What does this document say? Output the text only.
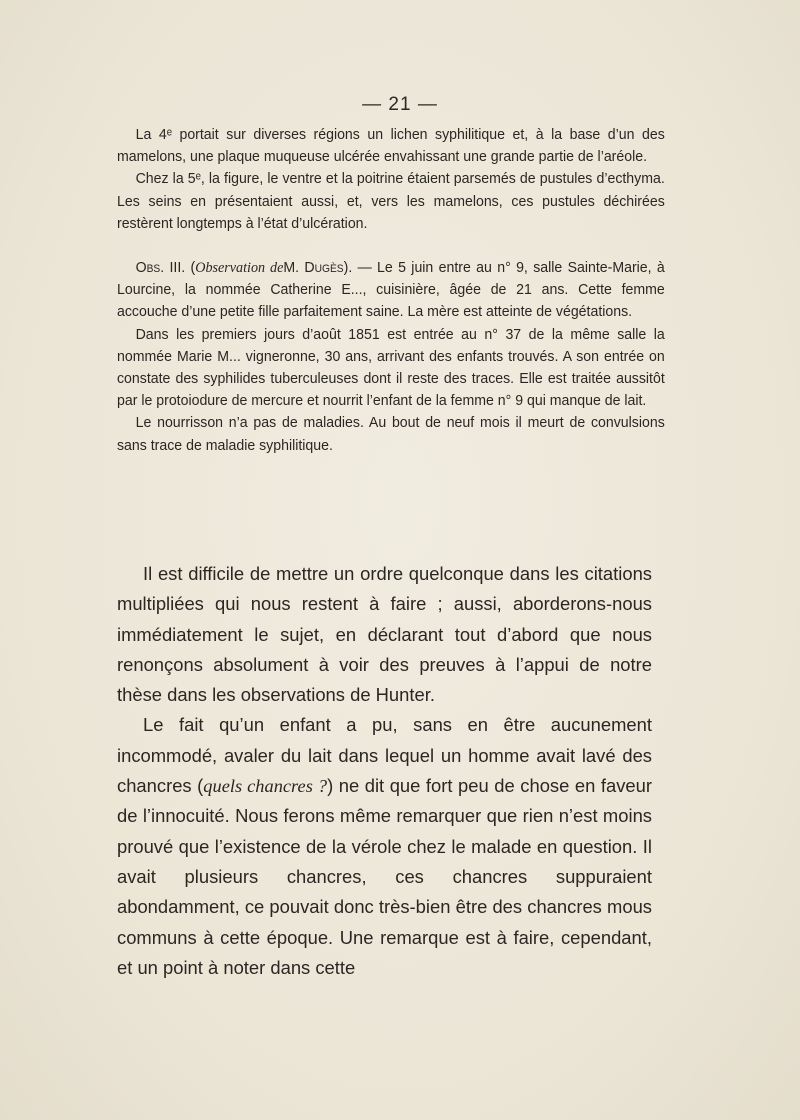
— 21 —

La 4ᵉ portait sur diverses régions un lichen syphilitique et, à la base d’un des mamelons, une plaque muqueuse ulcérée envahissant une grande partie de l’aréole.

Chez la 5ᵉ, la figure, le ventre et la poitrine étaient parsemés de pustules d’ecthyma. Les seins en présentaient aussi, et, vers les mamelons, ces pustules déchirées restèrent longtemps à l’état d’ulcération.

Obs. III. (Observation deM. Dugès). — Le 5 juin entre au n° 9, salle Sainte-Marie, à Lourcine, la nommée Catherine E..., cuisinière, âgée de 21 ans. Cette femme accouche d’une petite fille parfaitement saine. La mère est atteinte de végétations.

Dans les premiers jours d’août 1851 est entrée au n° 37 de la même salle la nommée Marie M... vigneronne, 30 ans, arrivant des enfants trouvés. A son entrée on constate des syphilides tuberculeuses dont il reste des traces. Elle est traitée aussitôt par le protoiodure de mercure et nourrit l’enfant de la femme n° 9 qui manque de lait.

Le nourrisson n’a pas de maladies. Au bout de neuf mois il meurt de convulsions sans trace de maladie syphilitique.

Il est difficile de mettre un ordre quelconque dans les citations multipliées qui nous restent à faire ; aussi, aborderons-nous immédiatement le sujet, en déclarant tout d’abord que nous renonçons absolument à voir des preuves à l’appui de notre thèse dans les observations de Hunter.

Le fait qu’un enfant a pu, sans en être aucunement incommodé, avaler du lait dans lequel un homme avait lavé des chancres (quels chancres ?) ne dit que fort peu de chose en faveur de l’innocuité. Nous ferons même remarquer que rien n’est moins prouvé que l’existence de la vérole chez le malade en question. Il avait plusieurs chancres, ces chancres suppuraient abondamment, ce pouvait donc très-bien être des chancres mous communs à cette époque. Une remarque est à faire, cependant, et un point à noter dans cette
